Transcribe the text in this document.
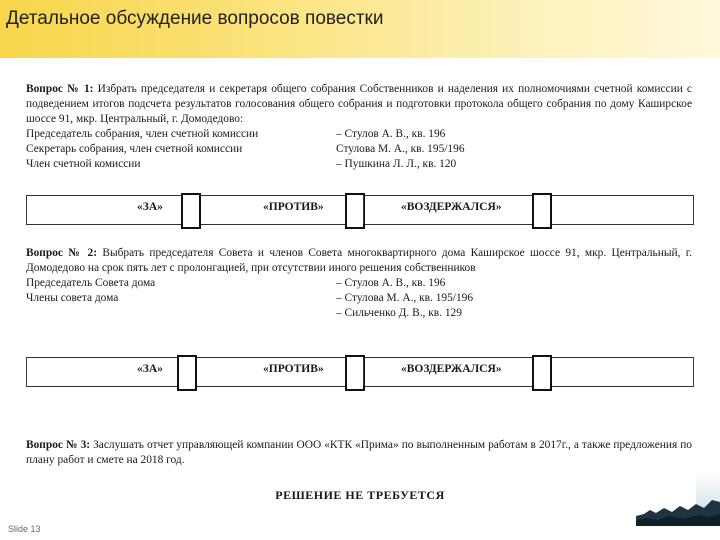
Детальное обсуждение вопросов повестки
Вопрос № 1: Избрать председателя и секретаря общего собрания Собственников и наделения их полномочиями счетной комиссии с подведением итогов подсчета результатов голосования общего собрания и подготовки протокола общего собрания по дому Каширское шоссе 91, мкр. Центральный, г. Домодедово:
Председатель собрания, член счетной комиссии	– Стулов А. В., кв. 196
Секретарь собрания, член счетной комиссии	Стулова М. А., кв. 195/196
Член счетной комиссии	– Пушкина Л. Л., кв. 120
«ЗА»	«ПРОТИВ»	«ВОЗДЕРЖАЛСЯ»
Вопрос № 2: Выбрать председателя Совета и членов Совета многоквартирного дома Каширское шоссе 91, мкр. Центральный, г. Домодедово на срок пять лет с пролонгацией, при отсутствии иного решения собственников
Председатель Совета дома	– Стулов А. В., кв. 196
Члены совета дома	– Стулова М. А., кв. 195/196
– Сильченко Д. В., кв. 129
«ЗА»	«ПРОТИВ»	«ВОЗДЕРЖАЛСЯ»
Вопрос № 3: Заслушать отчет управляющей компании ООО «КТК «Прима» по выполненным работам в 2017г., а также предложения по плану работ и смете на 2018 год.
РЕШЕНИЕ НЕ ТРЕБУЕТСЯ
Slide 13
